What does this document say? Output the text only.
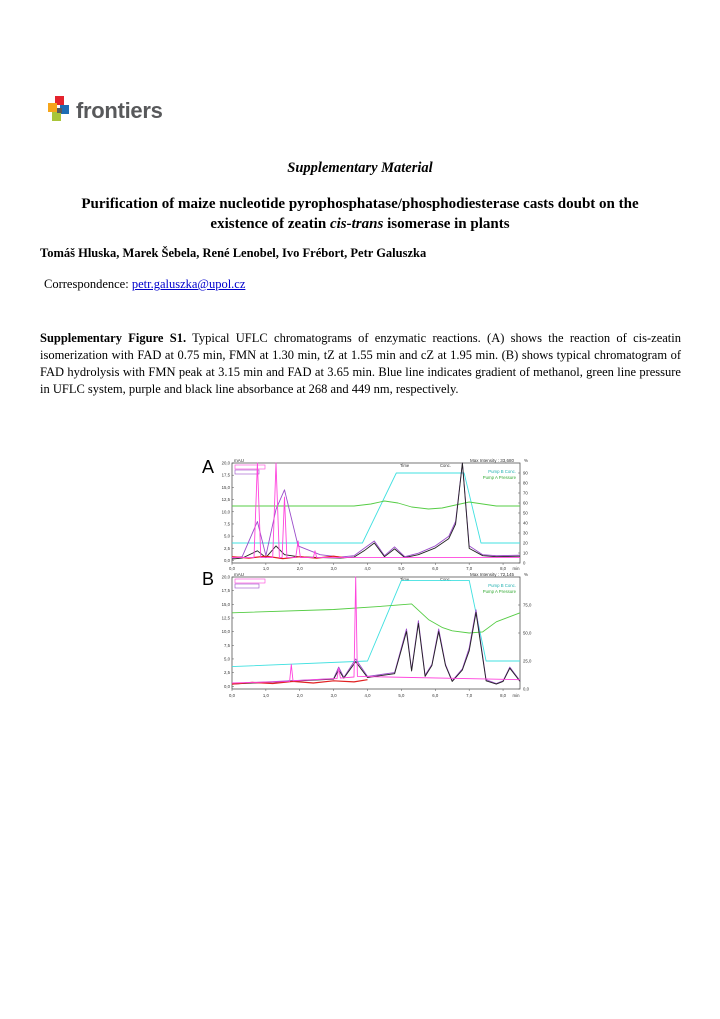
frontiers
Supplementary Material
Purification of maize nucleotide pyrophosphatase/phosphodiesterase casts doubt on the existence of zeatin cis-trans isomerase in plants
Tomáš Hluska, Marek Šebela, René Lenobel, Ivo Frébort, Petr Galuszka
Correspondence: petr.galuszka@upol.cz
Supplementary Figure S1. Typical UFLC chromatograms of enzymatic reactions. (A) shows the reaction of cis-zeatin isomerization with FAD at 0.75 min, FMN at 1.30 min, tZ at 1.55 min and cZ at 1.95 min. (B) shows typical chromatogram of FAD hydrolysis with FMN peak at 3.15 min and FAD at 3.65 min. Blue line indicates gradient of methanol, green line pressure in UFLC system, purple and black line absorbance at 268 and 449 nm, respectively.
A
B
mAU	Max Intensity : 33,680 %
Time	Conc.
0,0
2,5
5,0
7,5
10,0
12,5
15,0
17,5
20,0
0
10
20
30
40
50
60
70
80
90
0,0	1,0	2,0	3,0	4,0	5,0	6,0	7,0	8,0 min
Pump B Conc.
Pump A Pressure
mAU	Max Intensity : 72,145 %
Time	Conc.
0,0
2,5
5,0
7,5
10,0
12,5
15,0
17,5
20,0
0,0
25,0
50,0
75,0
0,0	1,0	2,0	3,0	4,0	5,0	6,0	7,0	8,0 min
Pump B Conc.
Pump A Pressure
